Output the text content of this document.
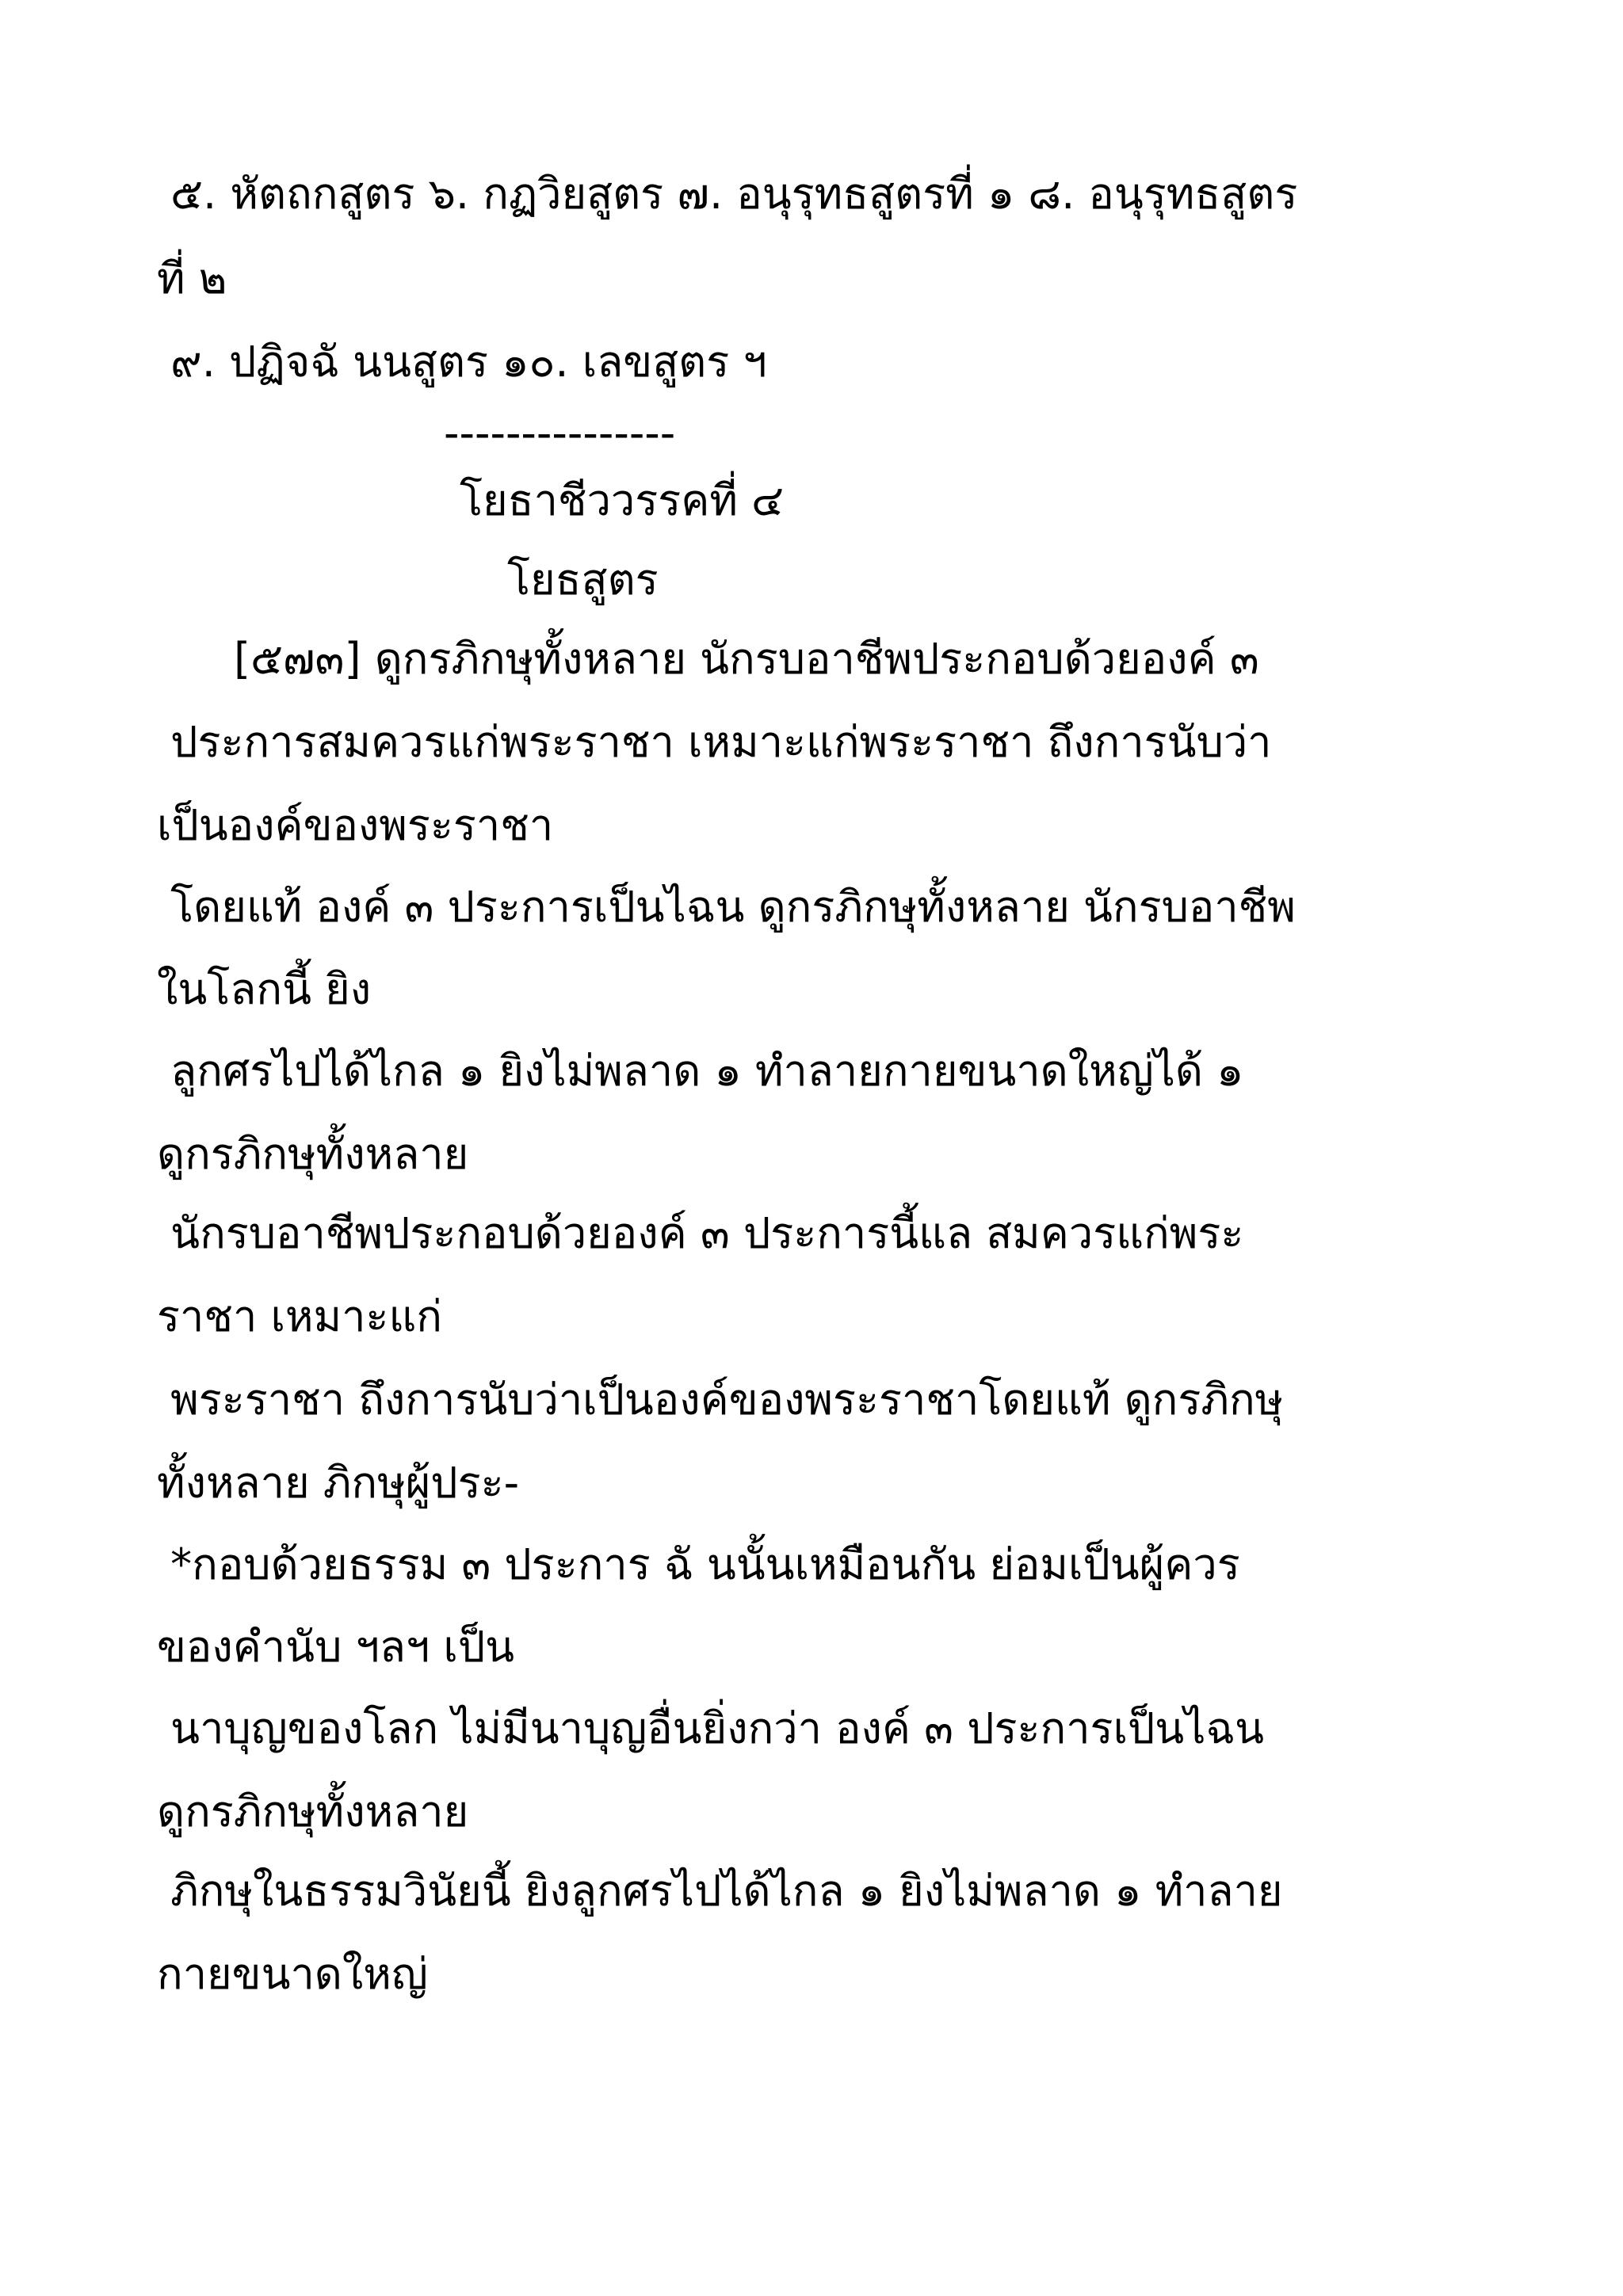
๕. หัตถกสูตร ๖. กฏวิยสูตร ๗. อนุรุทธสูตรที่ ๑ ๘. อนุรุทธสูตร
ที่ ๒
๙. ปฏิจฉั นนสูตร ๑๐. เลขสูตร ฯ
---------------
โยธาชีววรรคที่ ๔
โยธสูตร
[๕๗๓] ดูกรภิกษุทั้งหลาย นักรบอาชีพประกอบด้วยองค์ ๓
ประการสมควรแก่พระราชา เหมาะแก่พระราชา ถึงการนับว่า
เป็นองค์ของพระราชา
โดยแท้ องค์ ๓ ประการเป็นไฉน ดูกรภิกษุทั้งหลาย นักรบอาชีพ
ในโลกนี้ ยิง
ลูกศรไปได้ไกล ๑ ยิงไม่พลาด ๑ ทำลายกายขนาดใหญ่ได้ ๑
ดูกรภิกษุทั้งหลาย
นักรบอาชีพประกอบด้วยองค์ ๓ ประการนี้แล สมควรแก่พระ
ราชา เหมาะแก่
พระราชา ถึงการนับว่าเป็นองค์ของพระราชาโดยแท้ ดูกรภิกษุ
ทั้งหลาย ภิกษุผู้ประ-
*กอบด้วยธรรม ๓ ประการ ฉั นนั้นเหมือนกัน ย่อมเป็นผู้ควร
ของคำนับ ฯลฯ เป็น
นาบุญของโลก ไม่มีนาบุญอื่นยิ่งกว่า องค์ ๓ ประการเป็นไฉน
ดูกรภิกษุทั้งหลาย
ภิกษุในธรรมวินัยนี้ ยิงลูกศรไปได้ไกล ๑ ยิงไม่พลาด ๑ ทำลาย
กายขนาดใหญ่
